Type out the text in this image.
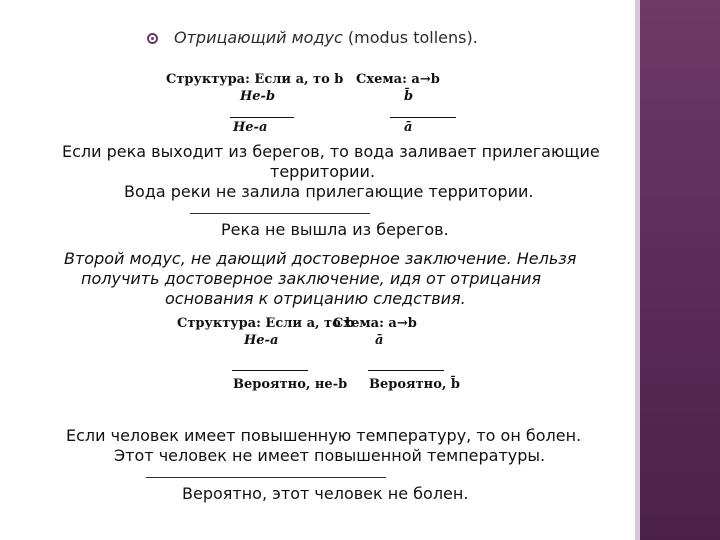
Отрицающий модус (modus tollens).
Структура: Если a, то b
Не-b
Не-a
Схема: a→b
b̄
ā
Если река выходит из берегов, то вода заливает прилегающие
территории.
Вода реки не залила прилегающие территории.
______________________________
Река не вышла из берегов.
Второй модус, не дающий достоверное заключение. Нельзя
получить достоверное заключение, идя от отрицания
основания к отрицанию следствия.
Структура: Если a, то b
Не-a
Вероятно, не-b
Схема: a→b
ā
Вероятно, b̄
Если человек имеет повышенную температуру, то он болен.
Этот человек не имеет повышенной температуры.
________________________________________
Вероятно, этот человек не болен.
